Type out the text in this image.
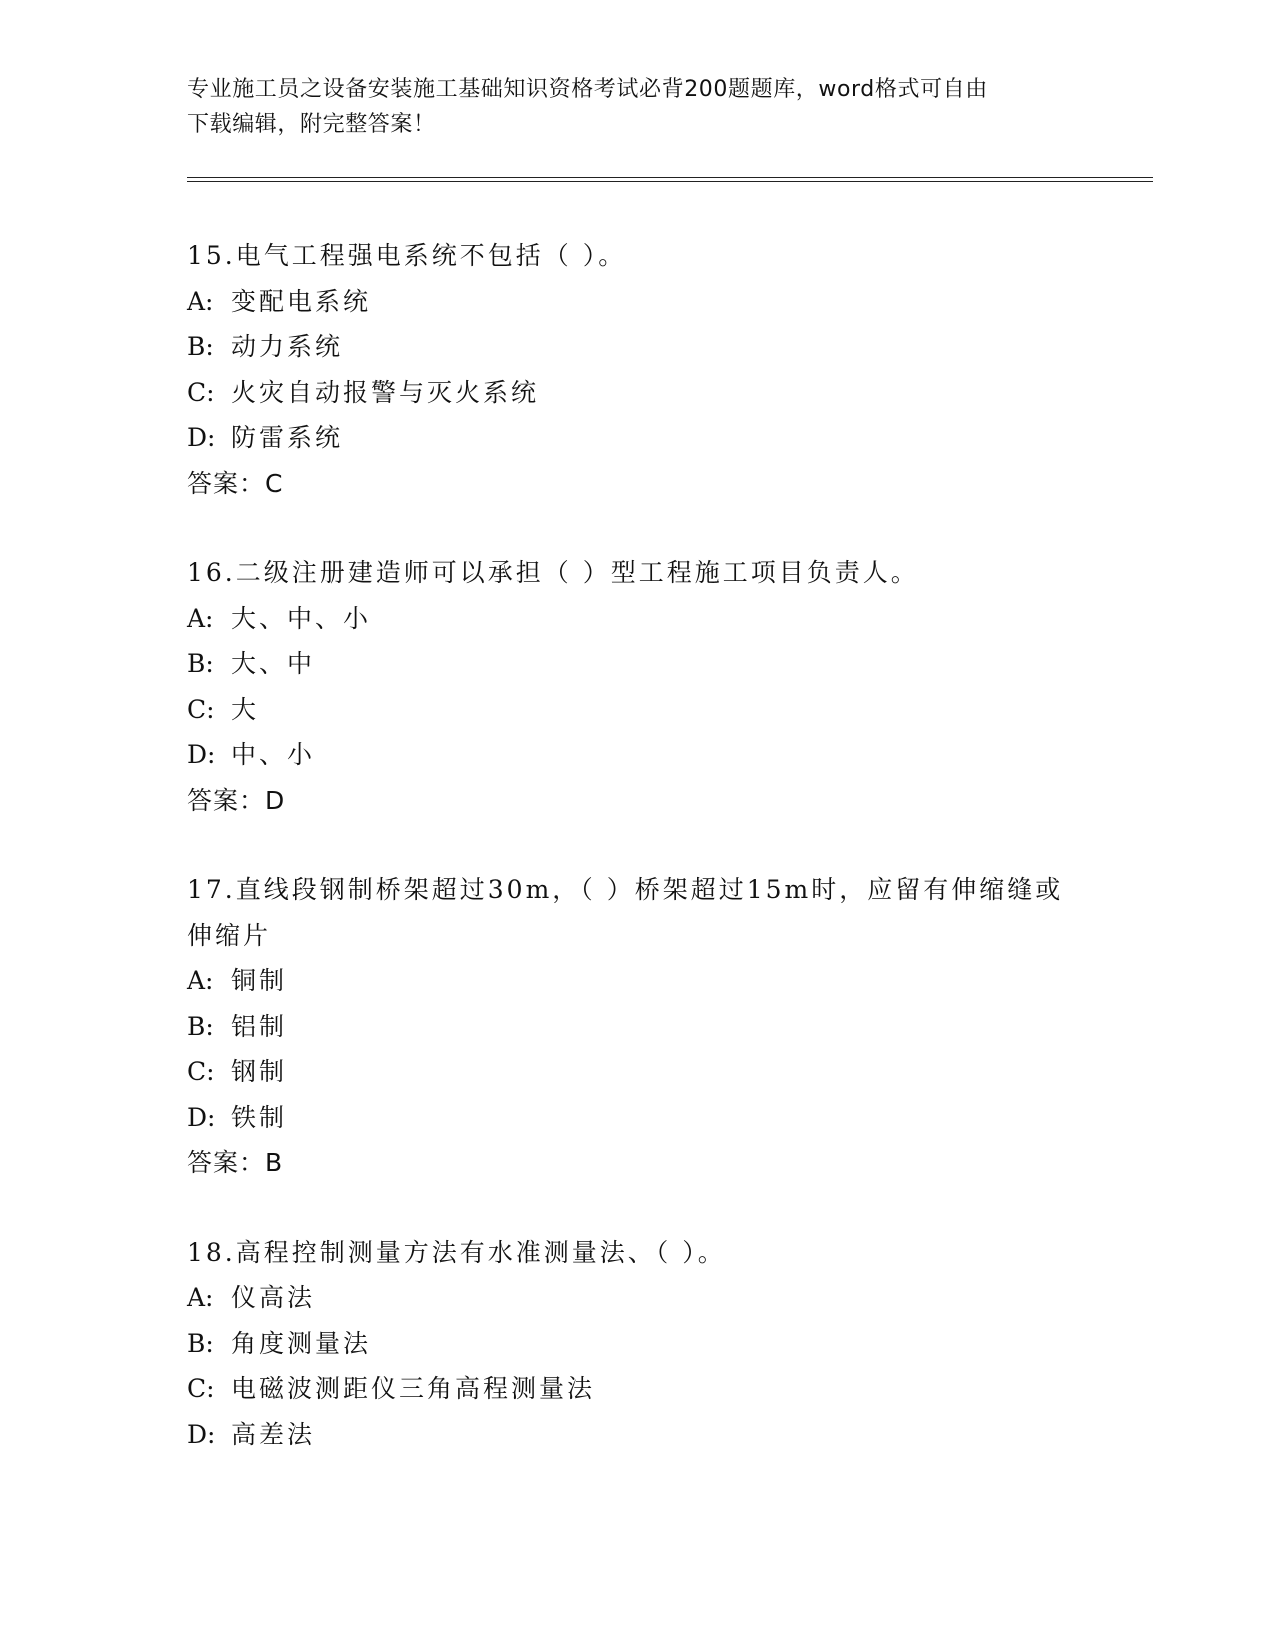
专业施工员之设备安装施工基础知识资格考试必背200题题库，word格式可自由
下载编辑，附完整答案！
15.电气工程强电系统不包括（ ）。
A: 变配电系统
B: 动力系统
C: 火灾自动报警与灭火系统
D: 防雷系统
答案：C
16.二级注册建造师可以承担（ ）型工程施工项目负责人。
A: 大、中、小
B: 大、中
C: 大
D: 中、小
答案：D
17.直线段钢制桥架超过30m，（ ）桥架超过15m时，应留有伸缩缝或
伸缩片
A: 铜制
B: 铝制
C: 钢制
D: 铁制
答案：B
18.高程控制测量方法有水准测量法、（ ）。
A: 仪高法
B: 角度测量法
C: 电磁波测距仪三角高程测量法
D: 高差法
